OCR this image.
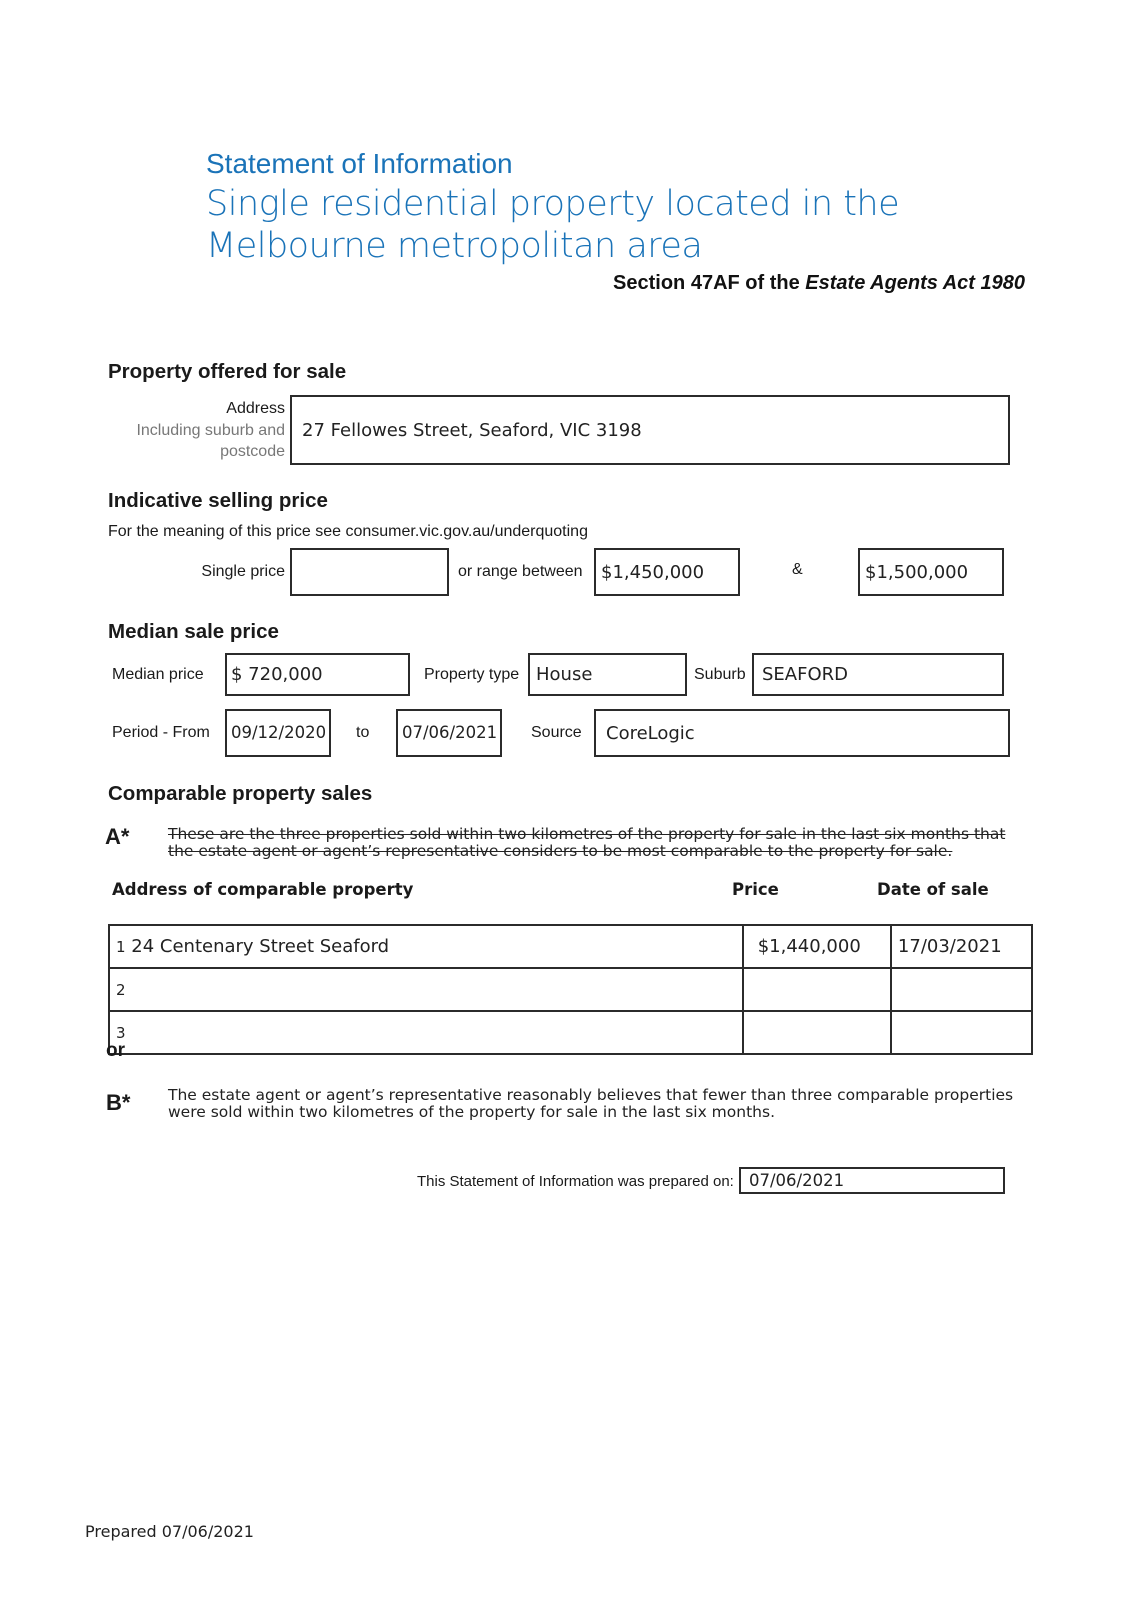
Statement of Information
Single residential property located in the Melbourne metropolitan area
Section 47AF of the Estate Agents Act 1980
Property offered for sale
Address
Including suburb and
postcode
27 Fellowes Street, Seaford, VIC 3198
Indicative selling price
For the meaning of this price see consumer.vic.gov.au/underquoting
Single price	or range between	$1,450,000	&	$1,500,000
Median sale price
Median price	$ 720,000	Property type House	Suburb SEAFORD
Period - From	09/12/2020	to	07/06/2021	Source	CoreLogic
Comparable property sales
A* These are the three properties sold within two kilometres of the property for sale in the last six months that the estate agent or agent’s representative considers to be most comparable to the property for sale.
Address of comparable property	Price	Date of sale
1 24 Centenary Street Seaford	$1,440,000	17/03/2021
2		
3		
or
B* The estate agent or agent’s representative reasonably believes that fewer than three comparable properties were sold within two kilometres of the property for sale in the last six months.
This Statement of Information was prepared on: 07/06/2021
Prepared 07/06/2021
